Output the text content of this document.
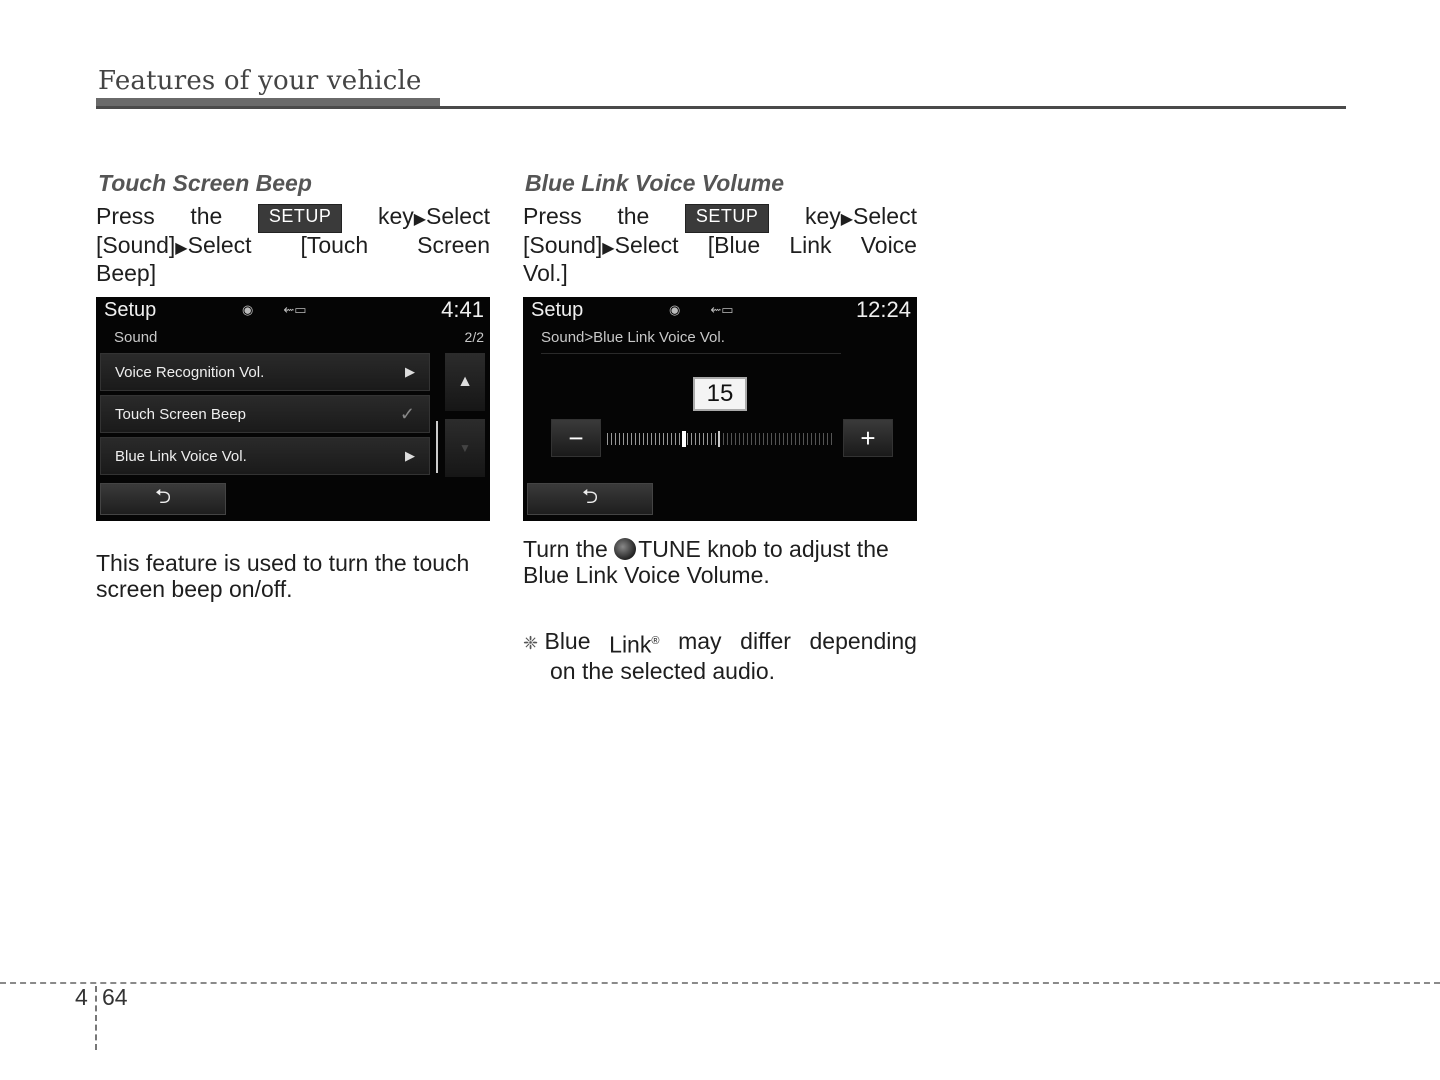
Features of your vehicle
Touch Screen Beep
Press the	SETUP	key▶Select
[Sound]▶Select [Touch Screen
Beep]
Setup	◉ ⇜▭	4:41
Sound	2/2
Voice Recognition Vol.	▶
Touch Screen Beep	✓
Blue Link Voice Vol.	▶
▲
▼
⮌
This feature is used to turn the touch
screen beep on/off.
Blue Link Voice Volume
Press the	SETUP	key▶Select
[Sound]▶Select [Blue Link Voice
Vol.]
Setup	◉ ⇜▭	12:24
Sound>Blue Link Voice Vol.
15
−	+
⮌
Turn the TUNE knob to adjust the
Blue Link Voice Volume.
❈ Blue Link® may differ depending
on the selected audio.
4 64
